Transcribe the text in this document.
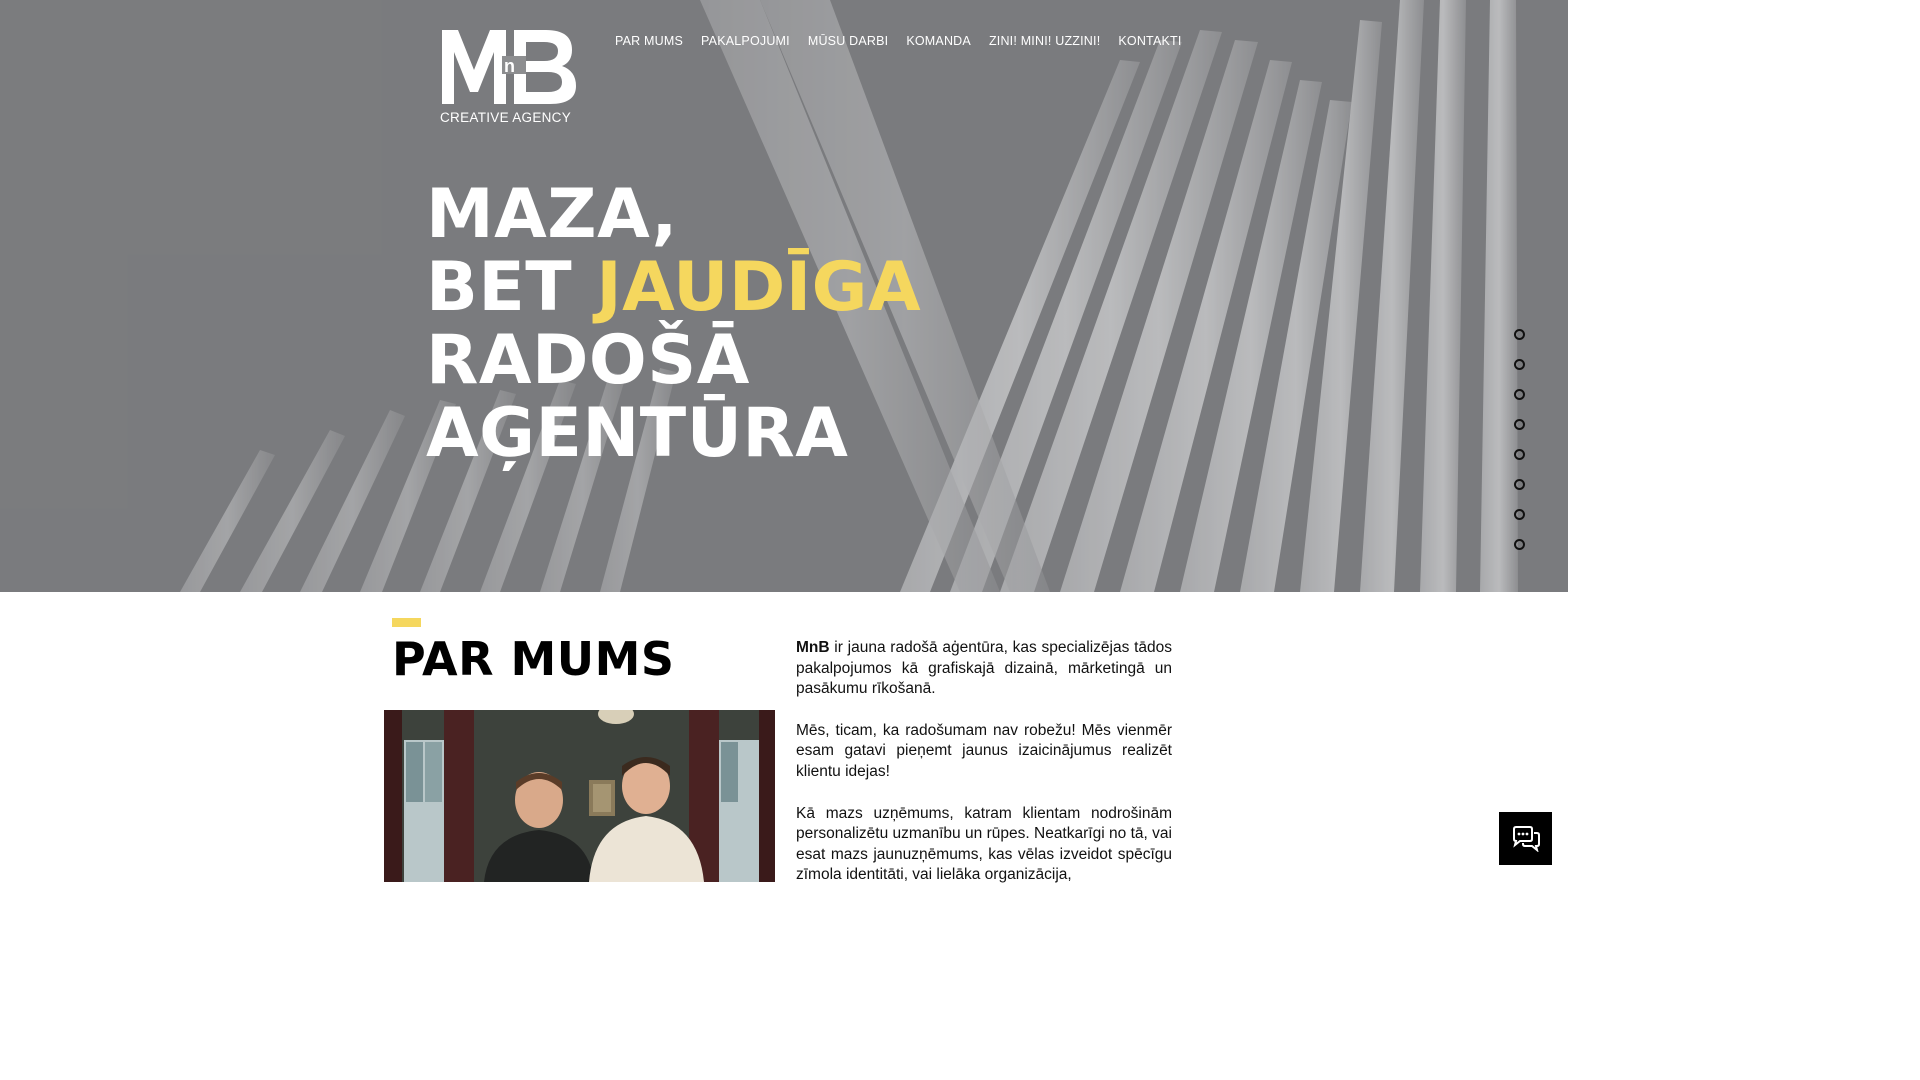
n
CREATIVE AGENCY
PAR MUMS PAKALPOJUMI MŪSU DARBI KOMANDA ZINI! MINI! UZZINI! KONTAKTI
MAZA,
BET JAUDĪGA
RADOŠĀ
AĢENTŪRA
PAR MUMS	MnB ir jauna radošā aģentūra, kas specializējas tādos pakalpojumos kā grafiskajā dizainā, mārketingā un pasākumu rīkošanā.

Mēs, ticam, ka radošumam nav robežu! Mēs vienmēr esam gatavi pieņemt jaunus izaicinājumus realizēt klientu idejas!

Kā mazs uzņēmums, katram klientam nodrošinām personalizētu uzmanību un rūpes. Neatkarīgi no tā, vai esat mazs jaunuzņēmums, kas vēlas izveidot spēcīgu zīmola identitāti, vai lielāka organizācija,
